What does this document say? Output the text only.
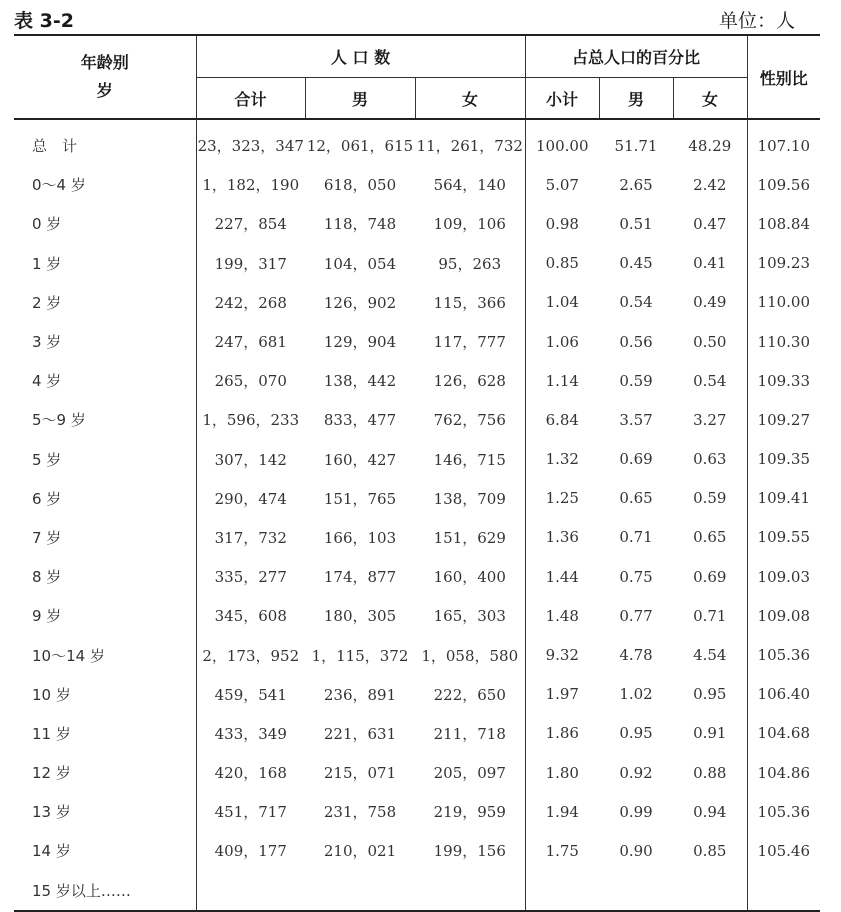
表 3-2	单位：人
年龄别
岁	人 口 数			占总人口的百分比			性别比
	合计	男	女	小计	男	女	
总　计	23，323，347	12，061，615	11，261，732	100.00	51.71	48.29	107.10
0～4 岁	1，182，190	618，050	564，140	5.07	2.65	2.42	109.56
0 岁	227，854	118，748	109，106	0.98	0.51	0.47	108.84
1 岁	199，317	104，054	95，263	0.85	0.45	0.41	109.23
2 岁	242，268	126，902	115，366	1.04	0.54	0.49	110.00
3 岁	247，681	129，904	117，777	1.06	0.56	0.50	110.30
4 岁	265，070	138，442	126，628	1.14	0.59	0.54	109.33
5～9 岁	1，596，233	833，477	762，756	6.84	3.57	3.27	109.27
5 岁	307，142	160，427	146，715	1.32	0.69	0.63	109.35
6 岁	290，474	151，765	138，709	1.25	0.65	0.59	109.41
7 岁	317，732	166，103	151，629	1.36	0.71	0.65	109.55
8 岁	335，277	174，877	160，400	1.44	0.75	0.69	109.03
9 岁	345，608	180，305	165，303	1.48	0.77	0.71	109.08
10～14 岁	2，173，952	1，115，372	1，058，580	9.32	4.78	4.54	105.36
10 岁	459，541	236，891	222，650	1.97	1.02	0.95	106.40
11 岁	433，349	221，631	211，718	1.86	0.95	0.91	104.68
12 岁	420，168	215，071	205，097	1.80	0.92	0.88	104.86
13 岁	451，717	231，758	219，959	1.94	0.99	0.94	105.36
14 岁	409，177	210，021	199，156	1.75	0.90	0.85	105.46
15 岁以上……							
